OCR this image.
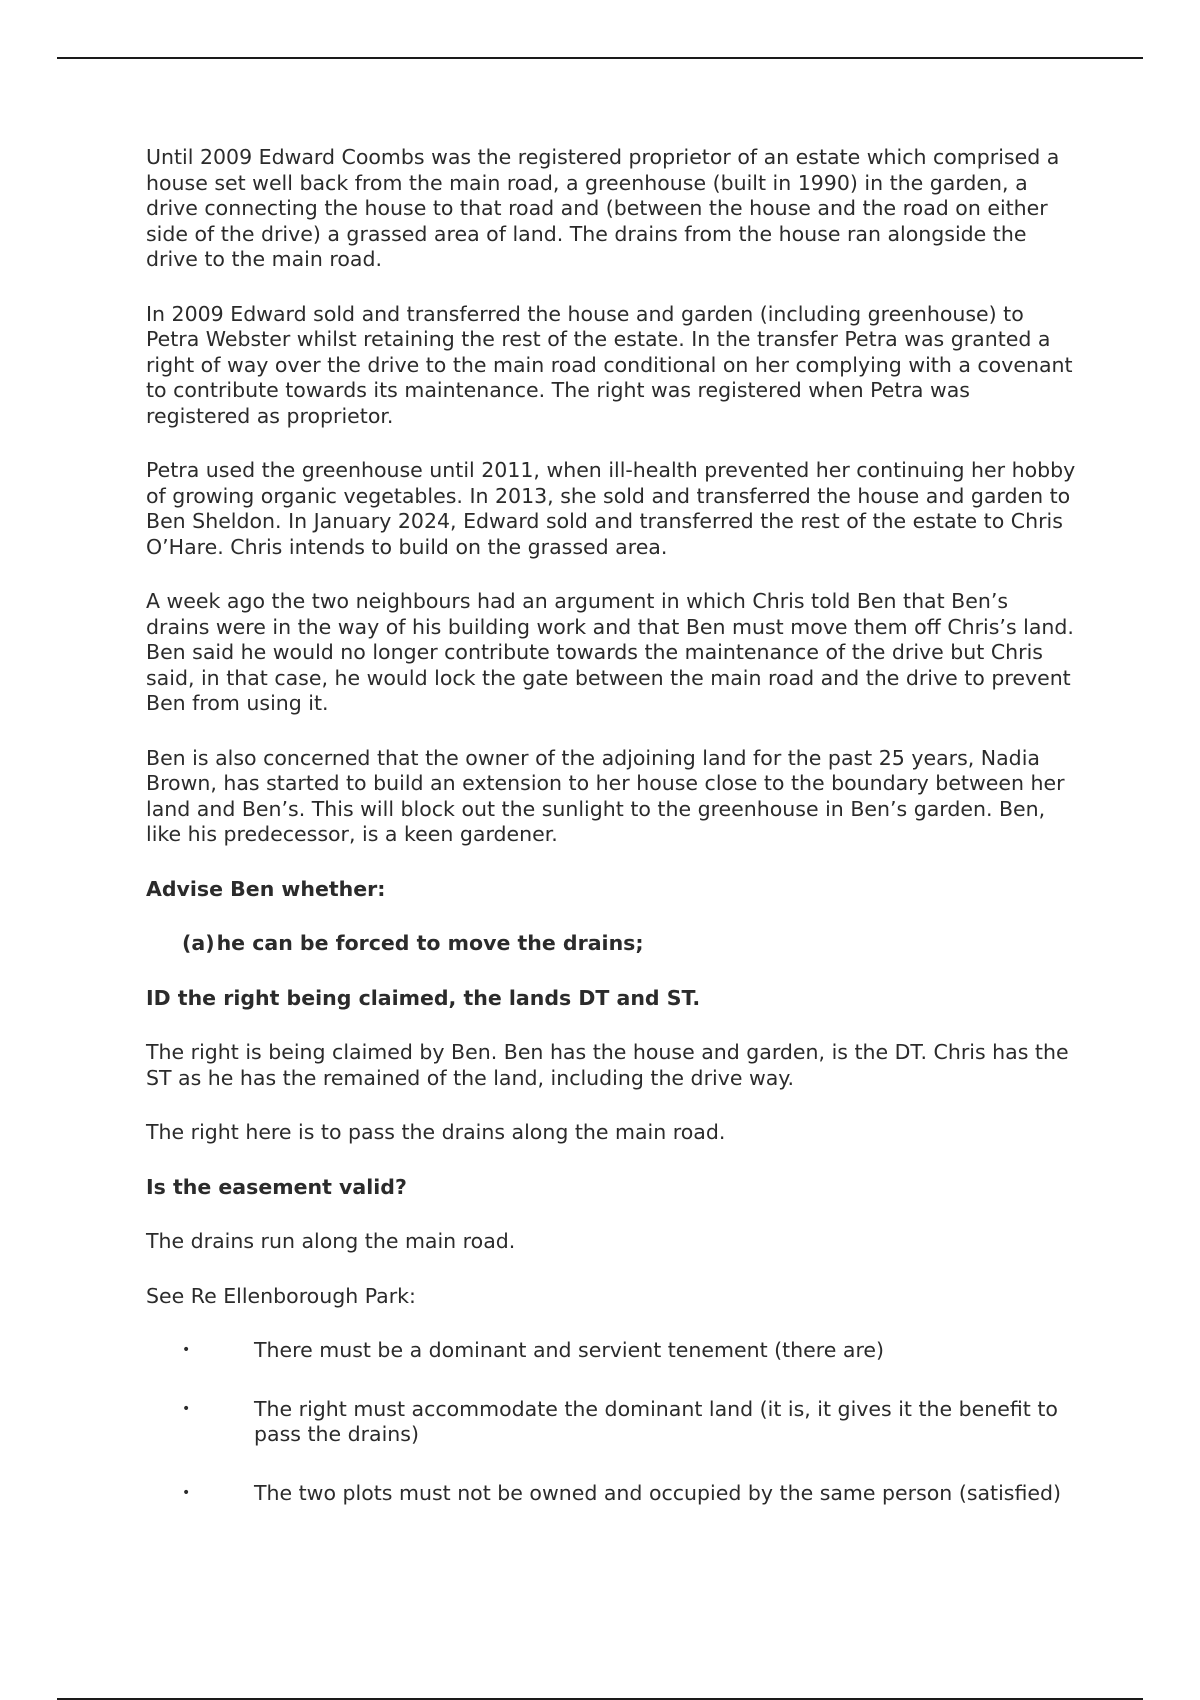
Until 2009 Edward Coombs was the registered proprietor of an estate which comprised a house set well back from the main road, a greenhouse (built in 1990) in the garden, a drive connecting the house to that road and (between the house and the road on either side of the drive) a grassed area of land. The drains from the house ran alongside the drive to the main road.

In 2009 Edward sold and transferred the house and garden (including greenhouse) to Petra Webster whilst retaining the rest of the estate. In the transfer Petra was granted a right of way over the drive to the main road conditional on her complying with a covenant to contribute towards its maintenance. The right was registered when Petra was registered as proprietor.

Petra used the greenhouse until 2011, when ill-health prevented her continuing her hobby of growing organic vegetables. In 2013, she sold and transferred the house and garden to Ben Sheldon. In January 2024, Edward sold and transferred the rest of the estate to Chris O’Hare. Chris intends to build on the grassed area.

A week ago the two neighbours had an argument in which Chris told Ben that Ben’s drains were in the way of his building work and that Ben must move them off Chris’s land. Ben said he would no longer contribute towards the maintenance of the drive but Chris said, in that case, he would lock the gate between the main road and the drive to prevent Ben from using it.

Ben is also concerned that the owner of the adjoining land for the past 25 years, Nadia Brown, has started to build an extension to her house close to the boundary between her land and Ben’s. This will block out the sunlight to the greenhouse in Ben’s garden. Ben, like his predecessor, is a keen gardener.

Advise Ben whether:

(a)he can be forced to move the drains;

ID the right being claimed, the lands DT and ST.

The right is being claimed by Ben. Ben has the house and garden, is the DT. Chris has the ST as he has the remained of the land, including the drive way.

The right here is to pass the drains along the main road.

Is the easement valid?

The drains run along the main road.

See Re Ellenborough Park:

•	There must be a dominant and servient tenement (there are)
•	The right must accommodate the dominant land (it is, it gives it the benefit to pass the drains)
•	The two plots must not be owned and occupied by the same person (satisfied)
